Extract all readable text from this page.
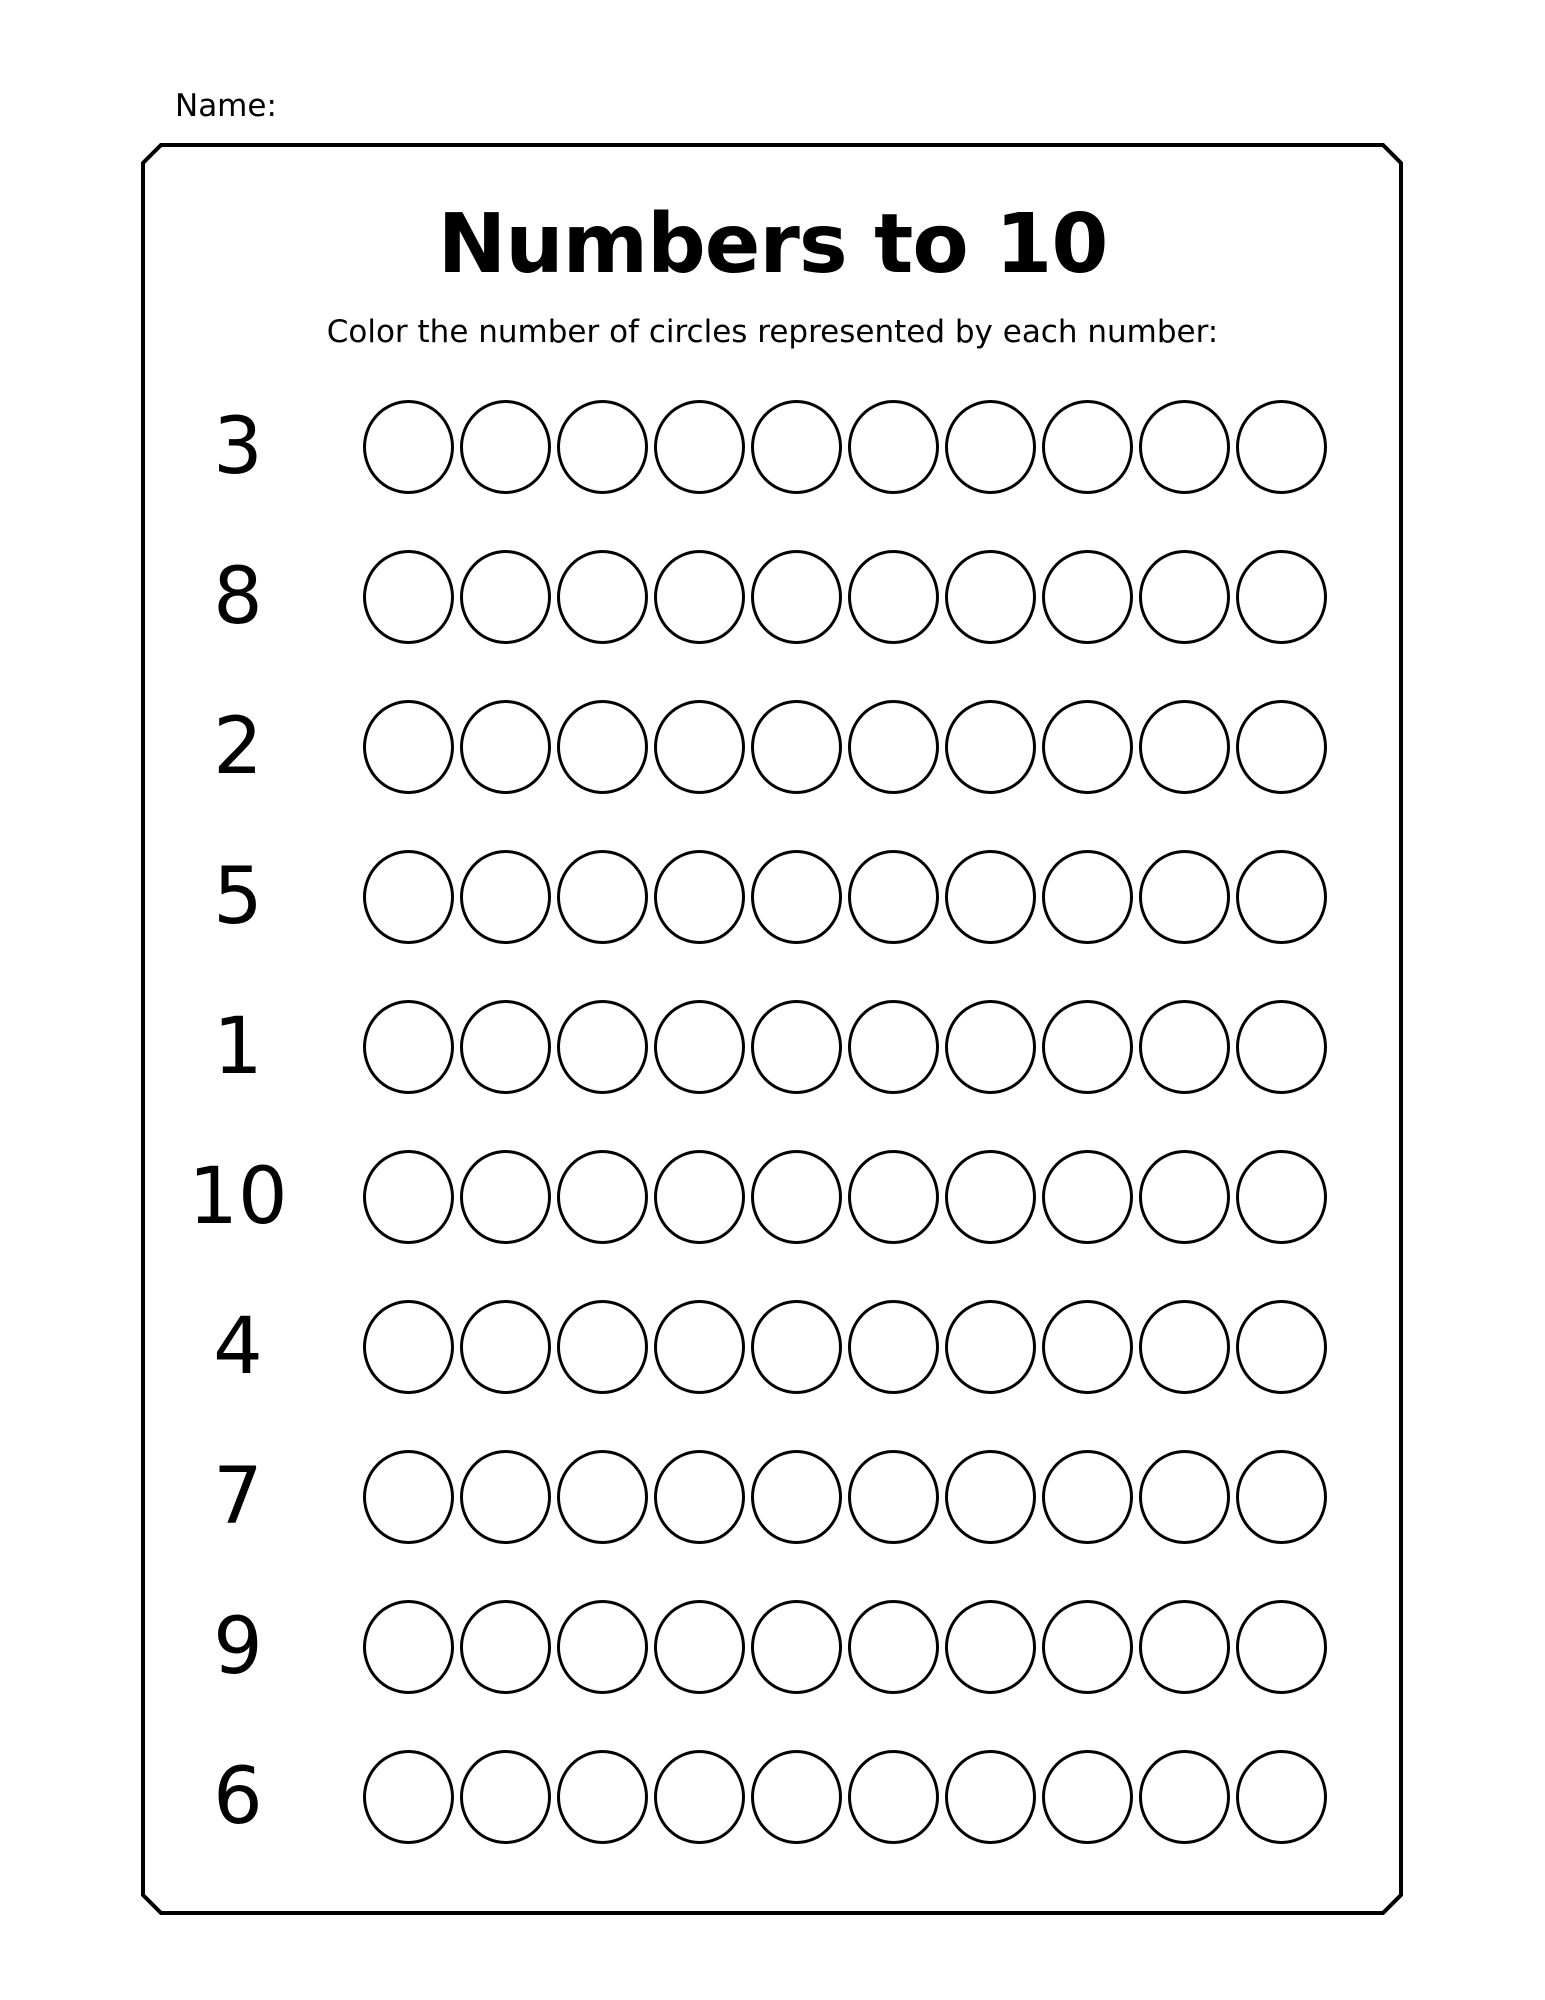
Name:
Numbers to 10
Color the number of circles represented by each number:
3
8
2
5
1
10
4
7
9
6
